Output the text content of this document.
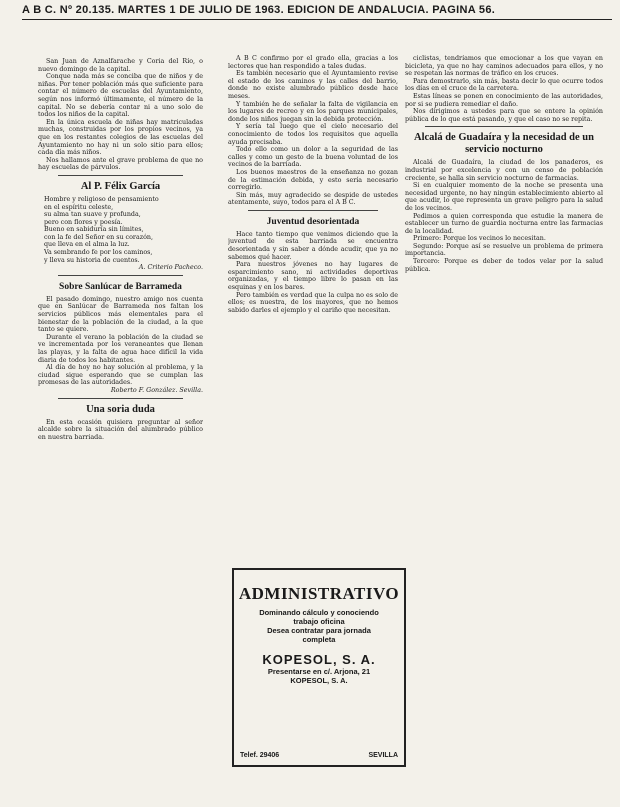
A B C. Nº 20.135. MARTES 1 DE JULIO DE 1963. EDICION DE ANDALUCIA. PAGINA 56.

San Juan de Aznalfarache y Coria del Río, o nuevo domingo de la capital.

Conque nada más se conciba que de niños y de niñas. Por tener población más que suficiente para contar el número de escuelas del Ayuntamiento, según nos informó últimamente, el número de la capital. No se debería contar ni a uno solo de todos los niños de la capital.

En la única escuela de niñas hay matriculadas muchas, construidas por los propios vecinos, ya que en los restantes colegios de las escuelas del Ayuntamiento no hay ni un solo sitio para ellos; cada día más niños.

Nos hallamos ante el grave problema de que no hay escuelas de párvulos.

Al P. Félix García

Hombre y religioso de pensamiento

en el espíritu celeste,

su alma tan suave y profunda,

pero con flores y poesía.

Bueno en sabiduría sin límites,

con la fe del Señor en su corazón,

que lleva en el alma la luz.

Va sembrando fe por los caminos,

y lleva su historia de cuentos.

A. Criterio Pacheco.
Sobre Sanlúcar de Barrameda

El pasado domingo, nuestro amigo nos cuenta que en Sanlúcar de Barrameda nos faltan los servicios públicos más elementales para el bienestar de la población de la ciudad, a la que tanto se quiere.

Durante el verano la población de la ciudad se ve incrementada por los veraneantes que llenan las playas, y la falta de agua hace difícil la vida diaria de todos los habitantes.

Al día de hoy no hay solución al problema, y la ciudad sigue esperando que se cumplan las promesas de las autoridades.

Roberto F. González. Sevilla.
Una soria duda

En esta ocasión quisiera preguntar al señor alcalde sobre la situación del alumbrado público en nuestra barriada.

A B C confirmo por el grado ella, gracias a los lectores que han respondido a tales dudas.

Es también necesario que el Ayuntamiento revise el estado de los caminos y las calles del barrio, donde no existe alumbrado público desde hace meses.

Y también he de señalar la falta de vigilancia en los lugares de recreo y en los parques municipales, donde los niños juegan sin la debida protección.

Y sería tal luego que el cielo necesario del conocimiento de todos los requisitos que aquella ayuda precisaba.

Todo ello como un dolor a la seguridad de las calles y como un gesto de la buena voluntad de los vecinos de la barriada.

Los buenos maestros de la enseñanza no gozan de la estimación debida, y esto sería necesario corregirlo.

Sin más, muy agradecido se despide de ustedes atentamente, suyo, todos para el A B C.

Juventud desorientada

Hace tanto tiempo que venimos diciendo que la juventud de esta barriada se encuentra desorientada y sin saber a dónde acudir, que ya no sabemos qué hacer.

Para nuestros jóvenes no hay lugares de esparcimiento sano, ni actividades deportivas organizadas, y el tiempo libre lo pasan en las esquinas y en los bares.

Pero también es verdad que la culpa no es solo de ellos; es nuestra, de los mayores, que no hemos sabido darles el ejemplo y el cariño que necesitan.

ADMINISTRATIVO
Dominando cálculo y conociendo
trabajo oficina
Desea contratar para jornada
completa
KOPESOL, S. A.
Presentarse en c/. Arjona, 21
KOPESOL, S. A.
Telef. 29406	SEVILLA

ciclistas, tendríamos que emocionar a los que vayan en bicicleta, ya que no hay caminos adecuados para ellos, y no se respetan las normas de tráfico en los cruces.

Para demostrarlo, sin más, basta decir lo que ocurre todos los días en el cruce de la carretera.

Estas líneas se ponen en conocimiento de las autoridades, por si se pudiera remediar el daño.

Nos dirigimos a ustedes para que se entere la opinión pública de lo que está pasando, y que el caso no se repita.

Alcalá de Guadaíra y la necesidad de un servicio nocturno

Alcalá de Guadaíra, la ciudad de los panaderos, es industrial por excelencia y con un censo de población creciente, se halla sin servicio nocturno de farmacias.

Si en cualquier momento de la noche se presenta una necesidad urgente, no hay ningún establecimiento abierto al que acudir, lo que representa un grave peligro para la salud de los vecinos.

Pedimos a quien corresponda que estudie la manera de establecer un turno de guardia nocturna entre las farmacias de la localidad.

Primero: Porque los vecinos lo necesitan.

Segundo: Porque así se resuelve un problema de primera importancia.

Tercero: Porque es deber de todos velar por la salud pública.
